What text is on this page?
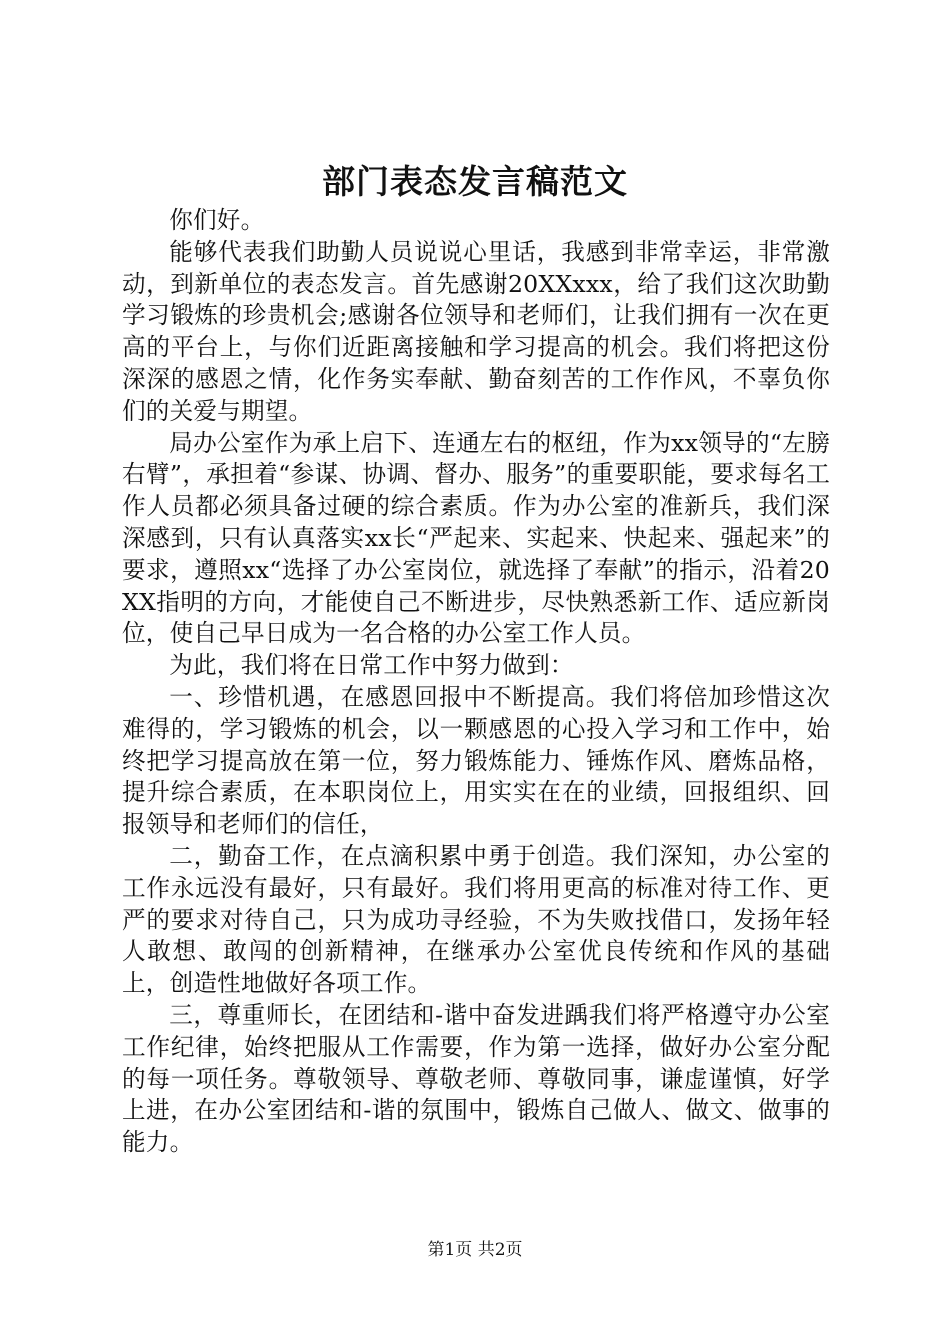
部门表态发言稿范文

你们好。

能够代表我们助勤人员说说心里话，我感到非常幸运，非常激动，到新单位的表态发言。首先感谢20XXxxx，给了我们这次助勤学习锻炼的珍贵机会;感谢各位领导和老师们，让我们拥有一次在更高的平台上，与你们近距离接触和学习提高的机会。我们将把这份深深的感恩之情，化作务实奉献、勤奋刻苦的工作作风，不辜负你们的关爱与期望。

局办公室作为承上启下、连通左右的枢纽，作为xx领导的“左膀右臂”，承担着“参谋、协调、督办、服务”的重要职能，要求每名工作人员都必须具备过硬的综合素质。作为办公室的准新兵，我们深深感到，只有认真落实xx长“严起来、实起来、快起来、强起来”的要求，遵照xx“选择了办公室岗位，就选择了奉献”的指示，沿着20XX指明的方向，才能使自己不断进步，尽快熟悉新工作、适应新岗位，使自己早日成为一名合格的办公室工作人员。

为此，我们将在日常工作中努力做到：

一、珍惜机遇，在感恩回报中不断提高。我们将倍加珍惜这次难得的，学习锻炼的机会，以一颗感恩的心投入学习和工作中，始终把学习提高放在第一位，努力锻炼能力、锤炼作风、磨炼品格，提升综合素质，在本职岗位上，用实实在在的业绩，回报组织、回报领导和老师们的信任，

二，勤奋工作，在点滴积累中勇于创造。我们深知，办公室的工作永远没有最好，只有最好。我们将用更高的标准对待工作、更严的要求对待自己，只为成功寻经验，不为失败找借口，发扬年轻人敢想、敢闯的创新精神，在继承办公室优良传统和作风的基础上，创造性地做好各项工作。

三，尊重师长，在团结和-谐中奋发进踽我们将严格遵守办公室工作纪律，始终把服从工作需要，作为第一选择，做好办公室分配的每一项任务。尊敬领导、尊敬老师、尊敬同事，谦虚谨慎，好学上进，在办公室团结和-谐的氛围中，锻炼自己做人、做文、做事的能力。

第1页 共2页
